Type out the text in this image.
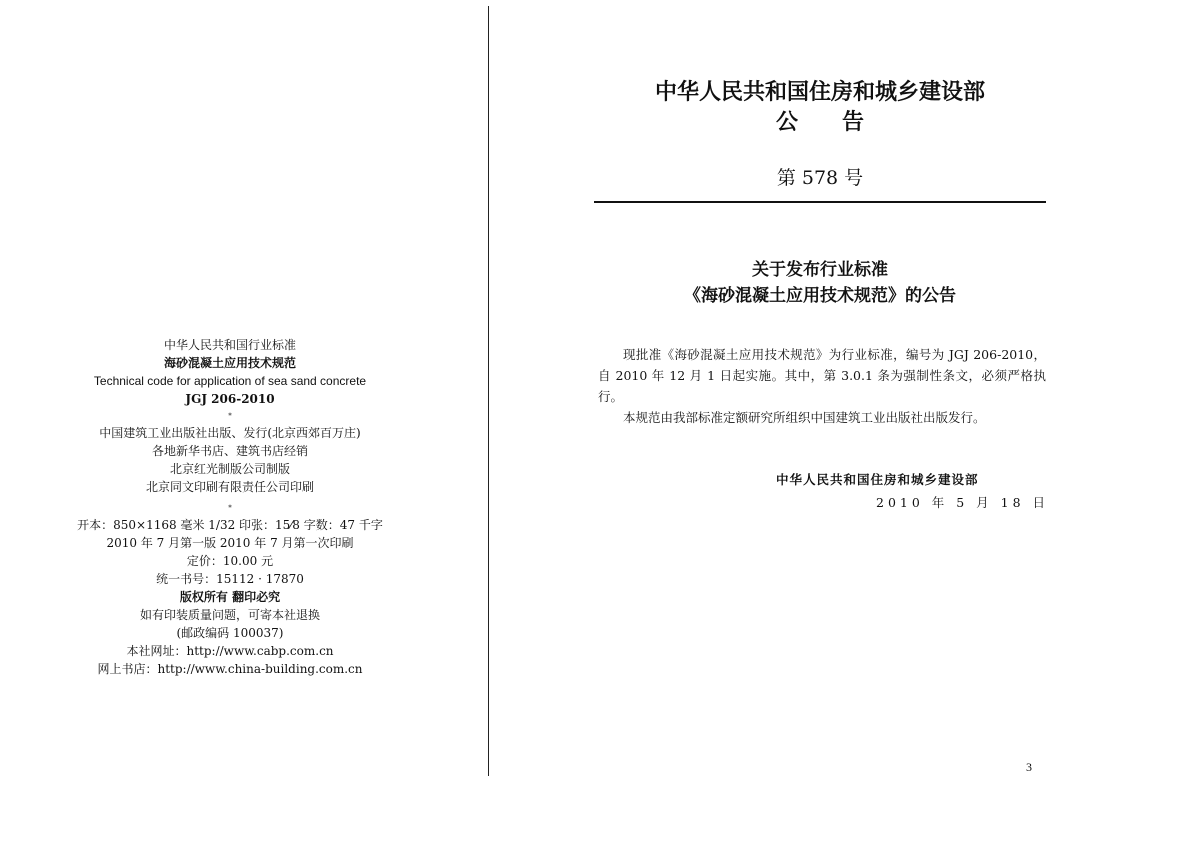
中华人民共和国行业标准
海砂混凝土应用技术规范
Technical code for application of sea sand concrete
JGJ 206-2010
*
中国建筑工业出版社出版、发行(北京西郊百万庄)
各地新华书店、建筑书店经销
北京红光制版公司制版
北京同文印刷有限责任公司印刷
*
开本：850×1168 毫米 1/32 印张：15⁄8 字数：47 千字
2010 年 7 月第一版 2010 年 7 月第一次印刷
定价：10.00 元
统一书号：15112 · 17870
版权所有 翻印必究
如有印装质量问题，可寄本社退换
(邮政编码 100037)
本社网址：http://www.cabp.com.cn
网上书店：http://www.china-building.com.cn
中华人民共和国住房和城乡建设部
公告
第 578 号
关于发布行业标准
《海砂混凝土应用技术规范》的公告

现批准《海砂混凝土应用技术规范》为行业标准，编号为 JGJ 206-2010，自 2010 年 12 月 1 日起实施。其中，第 3.0.1 条为强制性条文，必须严格执行。

本规范由我部标准定额研究所组织中国建筑工业出版社出版发行。

中华人民共和国住房和城乡建设部
2010 年 5 月 18 日
3
